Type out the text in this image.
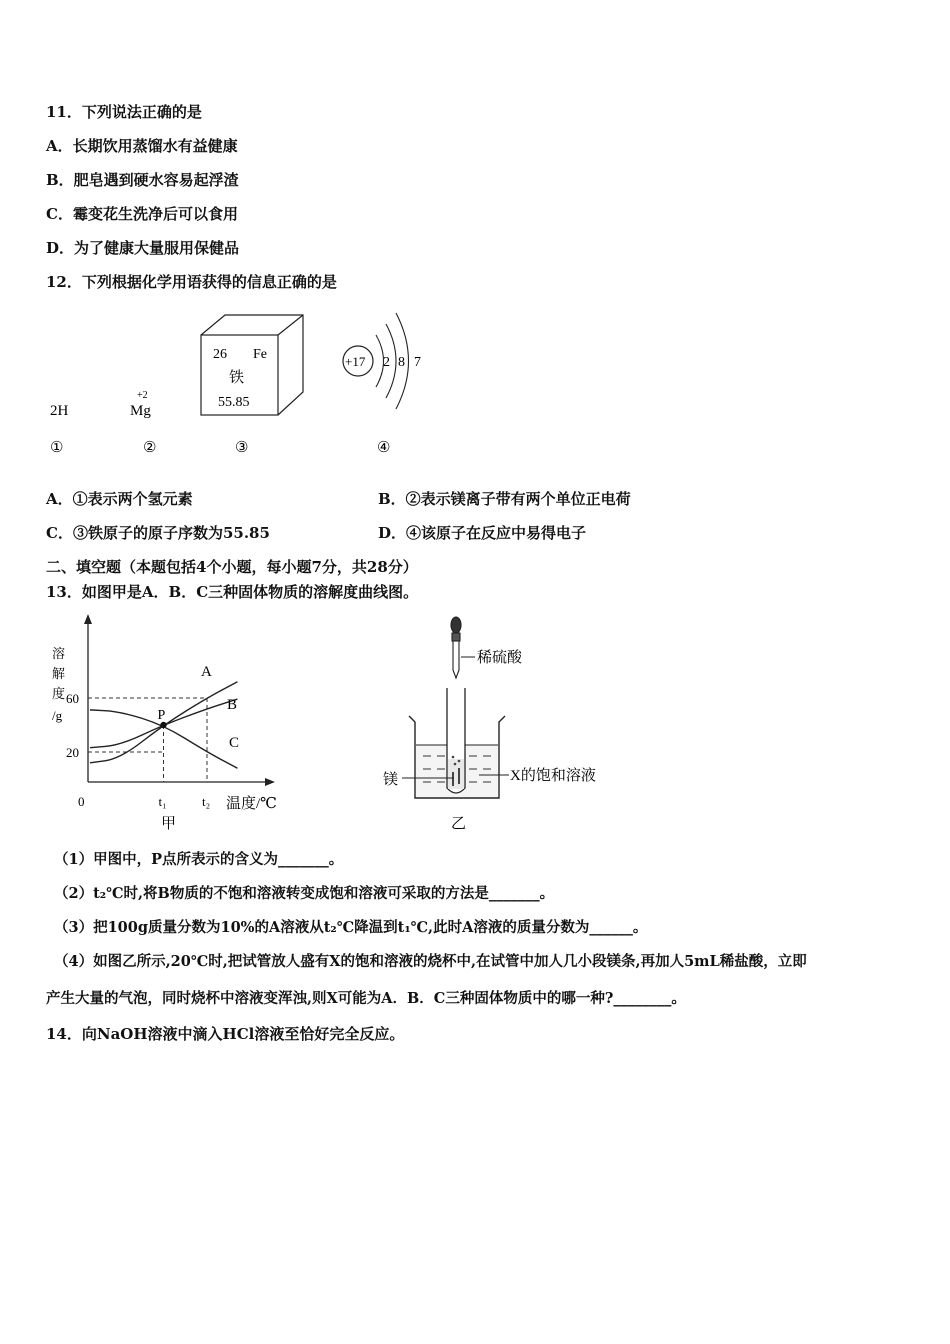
11．下列说法正确的是
A．长期饮用蒸馏水有益健康
B．肥皂遇到硬水容易起浮渣
C．霉变花生洗净后可以食用
D．为了健康大量服用保健品
12．下列根据化学用语获得的信息正确的是
2H
+2
Mg
26 Fe
铁
55.85
+17 2 8 7
①	②	③	④
A．①表示两个氢元素	B．②表示镁离子带有两个单位正电荷
C．③铁原子的原子序数为55.85	D．④该原子在反应中易得电子
二、填空题（本题包括4个小题，每小题7分，共28分）
13．如图甲是A．B．C三种固体物质的溶解度曲线图。
溶
解
度
/g
0	温度/℃
甲
A
B
C
P
20
60
t₁	t₂
稀硫酸
镁	X的饱和溶液
乙
（1）甲图中，P点所表示的含义为_______。
（2）t₂℃时,将B物质的不饱和溶液转变成饱和溶液可采取的方法是_______。
（3）把100g质量分数为10%的A溶液从t₂℃降温到t₁℃,此时A溶液的质量分数为______。
（4）如图乙所示,20℃时,把试管放人盛有X的饱和溶液的烧杯中,在试管中加人几小段镁条,再加人5mL稀盐酸，立即
产生大量的气泡，同时烧杯中溶液变浑浊,则X可能为A．B．C三种固体物质中的哪一种?________。
14．向NaOH溶液中滴入HCl溶液至恰好完全反应。
